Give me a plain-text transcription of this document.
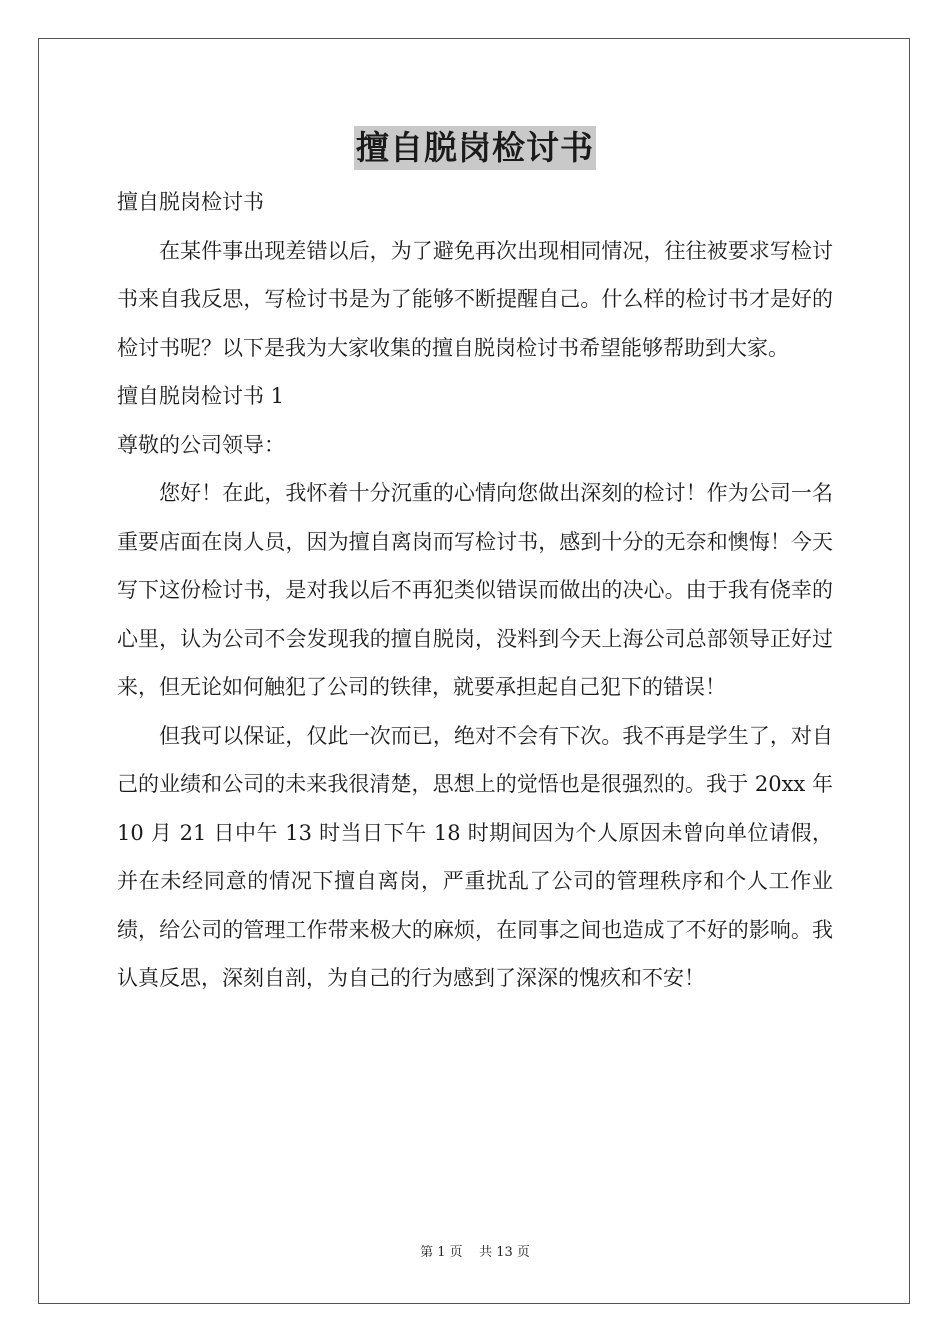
擅自脱岗检讨书

擅自脱岗检讨书

在某件事出现差错以后，为了避免再次出现相同情况，往往被要求写检讨书来自我反思，写检讨书是为了能够不断提醒自己。什么样的检讨书才是好的检讨书呢？以下是我为大家收集的擅自脱岗检讨书希望能够帮助到大家。

擅自脱岗检讨书 1

尊敬的公司领导：

您好！在此，我怀着十分沉重的心情向您做出深刻的检讨！作为公司一名重要店面在岗人员，因为擅自离岗而写检讨书，感到十分的无奈和懊悔！今天写下这份检讨书，是对我以后不再犯类似错误而做出的决心。由于我有侥幸的心里，认为公司不会发现我的擅自脱岗，没料到今天上海公司总部领导正好过来，但无论如何触犯了公司的铁律，就要承担起自己犯下的错误！

但我可以保证，仅此一次而已，绝对不会有下次。我不再是学生了，对自己的业绩和公司的未来我很清楚，思想上的觉悟也是很强烈的。我于 20xx 年 10 月 21 日中午 13 时当日下午 18 时期间因为个人原因未曾向单位请假，并在未经同意的情况下擅自离岗，严重扰乱了公司的管理秩序和个人工作业绩，给公司的管理工作带来极大的麻烦，在同事之间也造成了不好的影响。我认真反思，深刻自剖，为自己的行为感到了深深的愧疚和不安！

第 1 页    共 13 页
